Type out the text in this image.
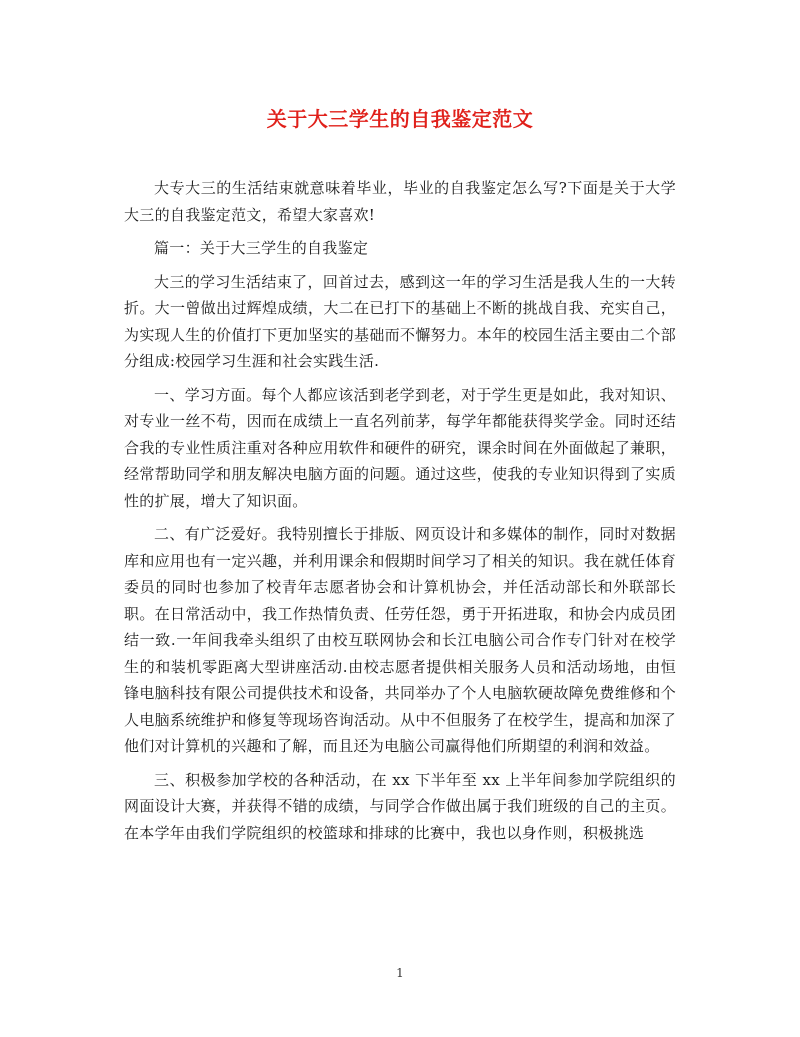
关于大三学生的自我鉴定范文

大专大三的生活结束就意味着毕业，毕业的自我鉴定怎么写?下面是关于大学大三的自我鉴定范文，希望大家喜欢!

篇一：关于大三学生的自我鉴定

大三的学习生活结束了，回首过去，感到这一年的学习生活是我人生的一大转折。大一曾做出过辉煌成绩，大二在已打下的基础上不断的挑战自我、充实自己，为实现人生的价值打下更加坚实的基础而不懈努力。本年的校园生活主要由二个部分组成:校园学习生涯和社会实践生活.

一、学习方面。每个人都应该活到老学到老，对于学生更是如此，我对知识、对专业一丝不苟，因而在成绩上一直名列前茅，每学年都能获得奖学金。同时还结合我的专业性质注重对各种应用软件和硬件的研究，课余时间在外面做起了兼职，经常帮助同学和朋友解决电脑方面的问题。通过这些，使我的专业知识得到了实质性的扩展，增大了知识面。

二、有广泛爱好。我特别擅长于排版、网页设计和多媒体的制作，同时对数据库和应用也有一定兴趣，并利用课余和假期时间学习了相关的知识。我在就任体育委员的同时也参加了校青年志愿者协会和计算机协会，并任活动部长和外联部长职。在日常活动中，我工作热情负责、任劳任怨，勇于开拓进取，和协会内成员团结一致.一年间我牵头组织了由校互联网协会和长江电脑公司合作专门针对在校学生的和装机零距离大型讲座活动.由校志愿者提供相关服务人员和活动场地，由恒锋电脑科技有限公司提供技术和设备，共同举办了个人电脑软硬故障免费维修和个人电脑系统维护和修复等现场咨询活动。从中不但服务了在校学生，提高和加深了他们对计算机的兴趣和了解，而且还为电脑公司赢得他们所期望的利润和效益。

三、积极参加学校的各种活动，在 xx 下半年至 xx 上半年间参加学院组织的网面设计大赛，并获得不错的成绩，与同学合作做出属于我们班级的自己的主页。在本学年由我们学院组织的校篮球和排球的比赛中，我也以身作则，积极挑选

1
